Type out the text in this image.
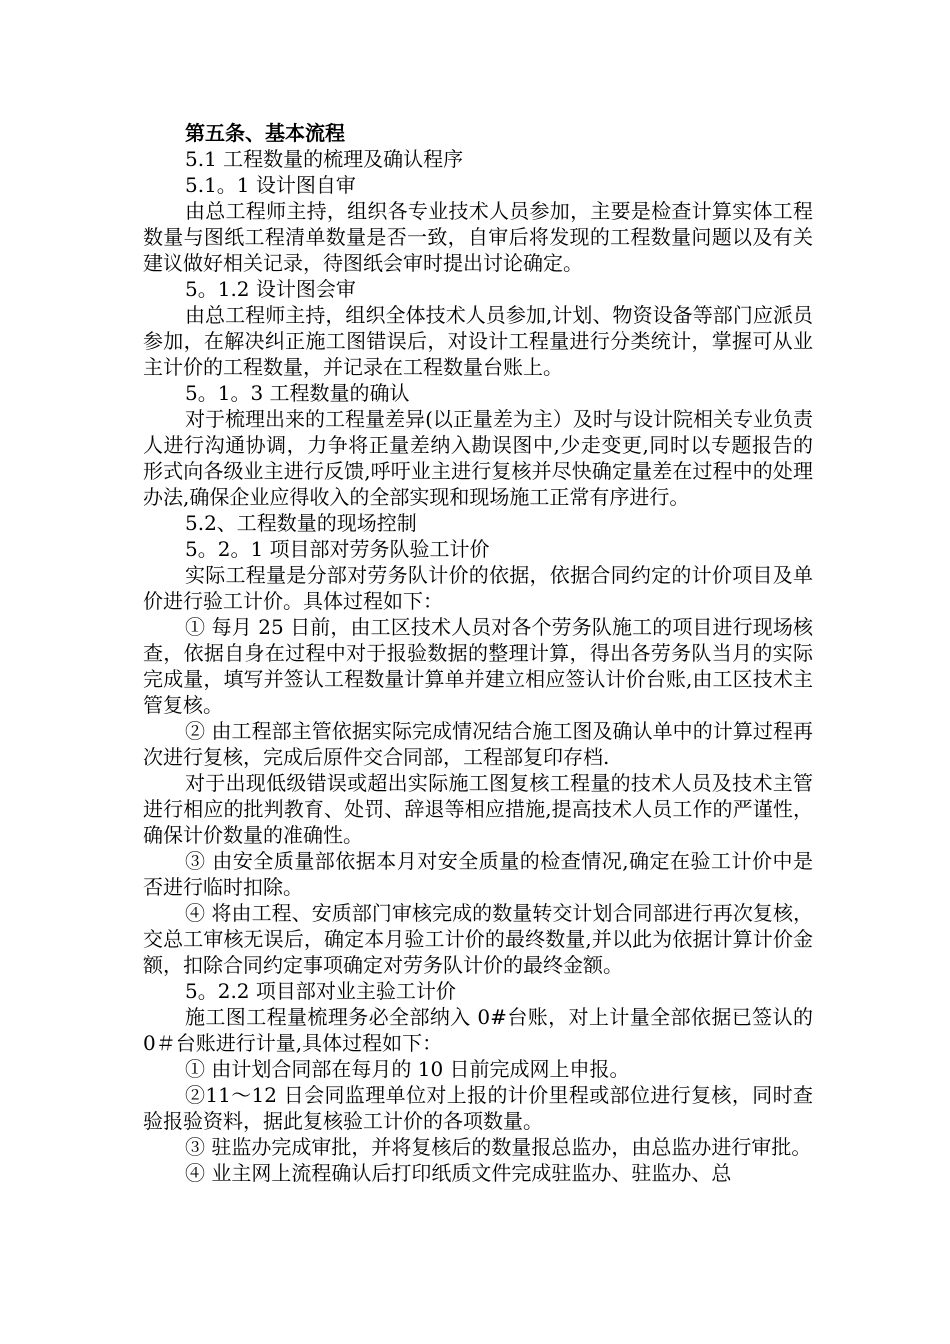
第五条、基本流程

5.1 工程数量的梳理及确认程序

5.1。1 设计图自审

由总工程师主持，组织各专业技术人员参加，主要是检查计算实体工程数量与图纸工程清单数量是否一致，自审后将发现的工程数量问题以及有关建议做好相关记录，待图纸会审时提出讨论确定。

5。1.2 设计图会审

由总工程师主持，组织全体技术人员参加,计划、物资设备等部门应派员参加，在解决纠正施工图错误后，对设计工程量进行分类统计，掌握可从业主计价的工程数量，并记录在工程数量台账上。

5。1。3 工程数量的确认

对于梳理出来的工程量差异(以正量差为主）及时与设计院相关专业负责人进行沟通协调，力争将正量差纳入勘误图中,少走变更,同时以专题报告的形式向各级业主进行反馈,呼吁业主进行复核并尽快确定量差在过程中的处理办法,确保企业应得收入的全部实现和现场施工正常有序进行。

5.2、工程数量的现场控制

5。2。1 项目部对劳务队验工计价

实际工程量是分部对劳务队计价的依据，依据合同约定的计价项目及单价进行验工计价。具体过程如下：

① 每月 25 日前，由工区技术人员对各个劳务队施工的项目进行现场核查，依据自身在过程中对于报验数据的整理计算，得出各劳务队当月的实际完成量，填写并签认工程数量计算单并建立相应签认计价台账,由工区技术主管复核。

② 由工程部主管依据实际完成情况结合施工图及确认单中的计算过程再次进行复核，完成后原件交合同部，工程部复印存档.

对于出现低级错误或超出实际施工图复核工程量的技术人员及技术主管进行相应的批判教育、处罚、辞退等相应措施,提高技术人员工作的严谨性，确保计价数量的准确性。

③ 由安全质量部依据本月对安全质量的检查情况,确定在验工计价中是否进行临时扣除。

④ 将由工程、安质部门审核完成的数量转交计划合同部进行再次复核，交总工审核无误后，确定本月验工计价的最终数量,并以此为依据计算计价金额，扣除合同约定事项确定对劳务队计价的最终金额。

5。2.2 项目部对业主验工计价

施工图工程量梳理务必全部纳入 0#台账，对上计量全部依据已签认的 0＃台账进行计量,具体过程如下：

① 由计划合同部在每月的 10 日前完成网上申报。

②11～12 日会同监理单位对上报的计价里程或部位进行复核，同时查验报验资料，据此复核验工计价的各项数量。

③ 驻监办完成审批，并将复核后的数量报总监办，由总监办进行审批。

④ 业主网上流程确认后打印纸质文件完成驻监办、驻监办、总
